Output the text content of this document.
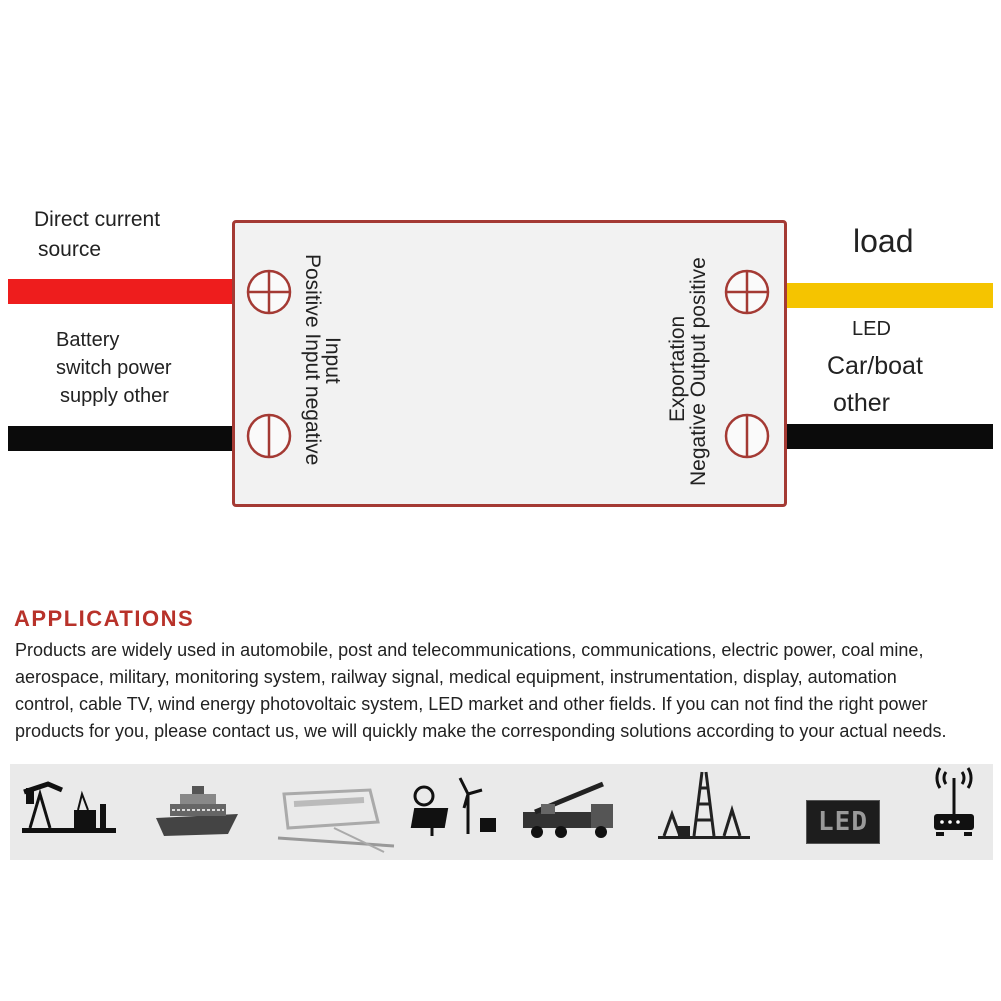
Direct current
source
Battery
switch power
supply other
load
LED
Car/boat
other
Positive Input negative
Input	Negative Output positive
Exportation
APPLICATIONS
Products are widely used in automobile, post and telecommunications, communications, electric power, coal mine,
aerospace, military, monitoring system, railway signal, medical equipment, instrumentation, display, automation
control, cable TV, wind energy photovoltaic system, LED market and other fields. If you can not find the right power
products for you, please contact us, we will quickly make the corresponding solutions according to your actual needs.
LED
